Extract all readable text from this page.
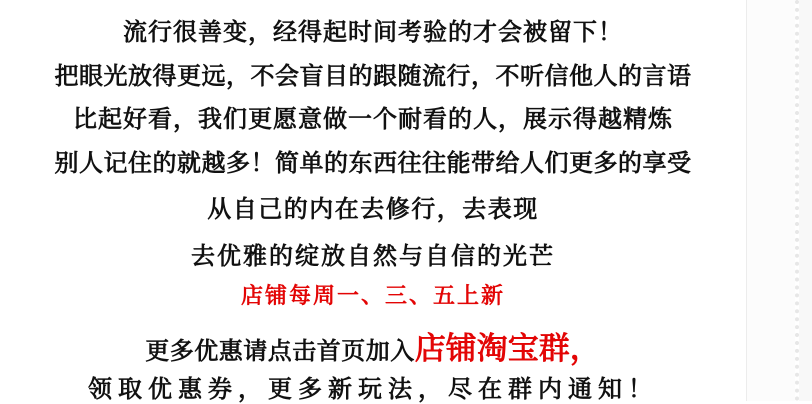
流行很善变，经得起时间考验的才会被留下！
把眼光放得更远，不会盲目的跟随流行，不听信他人的言语
比起好看，我们更愿意做一个耐看的人，展示得越精炼
别人记住的就越多！简单的东西往往能带给人们更多的享受
从自己的内在去修行，去表现
去优雅的绽放自然与自信的光芒
店铺每周一、三、五上新
更多优惠请点击首页加入店铺淘宝群，
领取优惠券，更多新玩法，尽在群内通知！
